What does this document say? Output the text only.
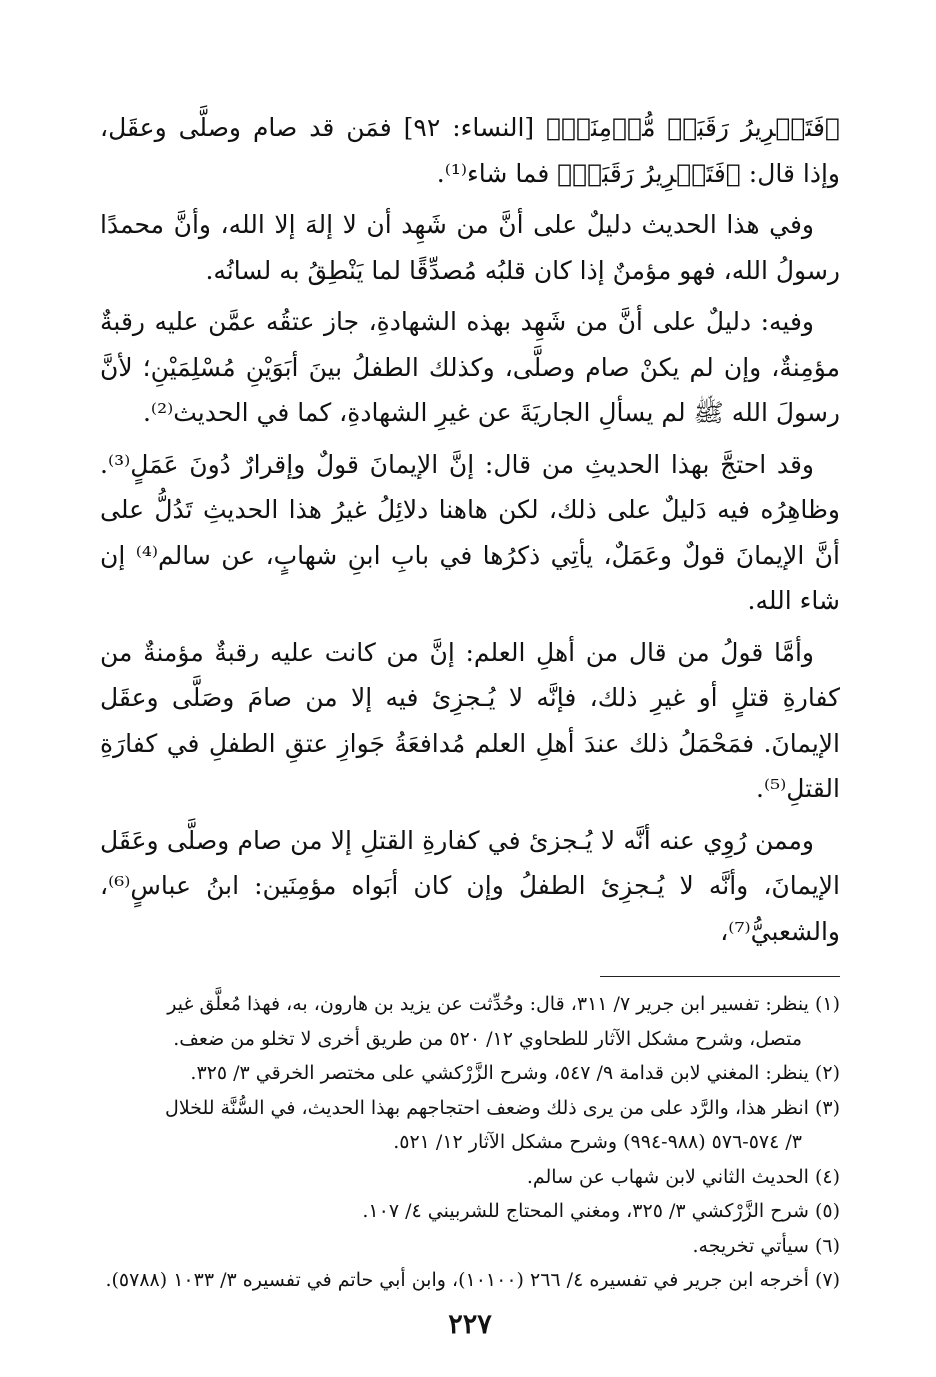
﴿فَتَحۡرِيرُ رَقَبَةٖ مُّؤۡمِنَةٖ﴾ [النساء: ٩٢] فمَن قد صام وصلَّى وعقَل، وإذا قال: ﴿فَتَحۡرِيرُ رَقَبَةٖ﴾ فما شاء⁽¹⁾.

وفي هذا الحديث دليلٌ على أنَّ من شَهِد أن لا إلهَ إلا الله، وأنَّ محمدًا رسولُ الله، فهو مؤمنٌ إذا كان قلبُه مُصدِّقًا لما يَنْطِقُ به لسانُه.

وفيه: دليلٌ على أنَّ من شَهِد بهذه الشهادةِ، جاز عتقُه عمَّن عليه رقبةٌ مؤمِنةٌ، وإن لم يكنْ صام وصلَّى، وكذلك الطفلُ بينَ أبَوَيْنِ مُسْلِمَيْنِ؛ لأنَّ رسولَ الله ﷺ لم يسألِ الجاريَةَ عن غيرِ الشهادةِ، كما في الحديث⁽²⁾.

وقد احتجَّ بهذا الحديثِ من قال: إنَّ الإيمانَ قولٌ وإقرارٌ دُونَ عَمَلٍ⁽³⁾. وظاهِرُه فيه دَليلٌ على ذلك، لكن هاهنا دلائِلُ غيرُ هذا الحديثِ تَدُلُّ على أنَّ الإيمانَ قولٌ وعَمَلٌ، يأتِي ذكرُها في بابِ ابنِ شهابٍ، عن سالم⁽⁴⁾ إن شاء الله.

وأمَّا قولُ من قال من أهلِ العلم: إنَّ من كانت عليه رقبةٌ مؤمنةٌ من كفارةِ قتلٍ أو غيرِ ذلك، فإنَّه لا يُـجزِئ فيه إلا من صامَ وصَلَّى وعقَل الإيمانَ. فمَحْمَلُ ذلك عندَ أهلِ العلم مُدافعَةُ جَوازِ عتقِ الطفلِ في كفارَةِ القتلِ⁽⁵⁾.

وممن رُوِي عنه أنَّه لا يُـجزئ في كفارةِ القتلِ إلا من صام وصلَّى وعَقَل الإيمانَ، وأنَّه لا يُـجزِئ الطفلُ وإن كان أبَواه مؤمِنَين: ابنُ عباسٍ⁽⁶⁾، والشعبيُّ⁽⁷⁾،

(١) ينظر: تفسير ابن جرير ٧/ ٣١١، قال: وحُدِّثت عن يزيد بن هارون، به، فهذا مُعلَّق غير

متصل، وشرح مشكل الآثار للطحاوي ١٢/ ٥٢٠ من طريق أخرى لا تخلو من ضعف.

(٢) ينظر: المغني لابن قدامة ٩/ ٥٤٧، وشرح الزَّرْكشي على مختصر الخرقي ٣/ ٣٢٥.

(٣) انظر هذا، والرَّد على من يرى ذلك وضعف احتجاجهم بهذا الحديث، في السُّنَّة للخلال

٣/ ٥٧٤-٥٧٦ (٩٨٨-٩٩٤) وشرح مشكل الآثار ١٢/ ٥٢١.

(٤) الحديث الثاني لابن شهاب عن سالم.

(٥) شرح الزَّرْكشي ٣/ ٣٢٥، ومغني المحتاج للشربيني ٤/ ١٠٧.

(٦) سيأتي تخريجه.

(٧) أخرجه ابن جرير في تفسيره ٤/ ٢٦٦ (١٠١٠٠)، وابن أبي حاتم في تفسيره ٣/ ١٠٣٣ (٥٧٨٨).

٢٢٧
